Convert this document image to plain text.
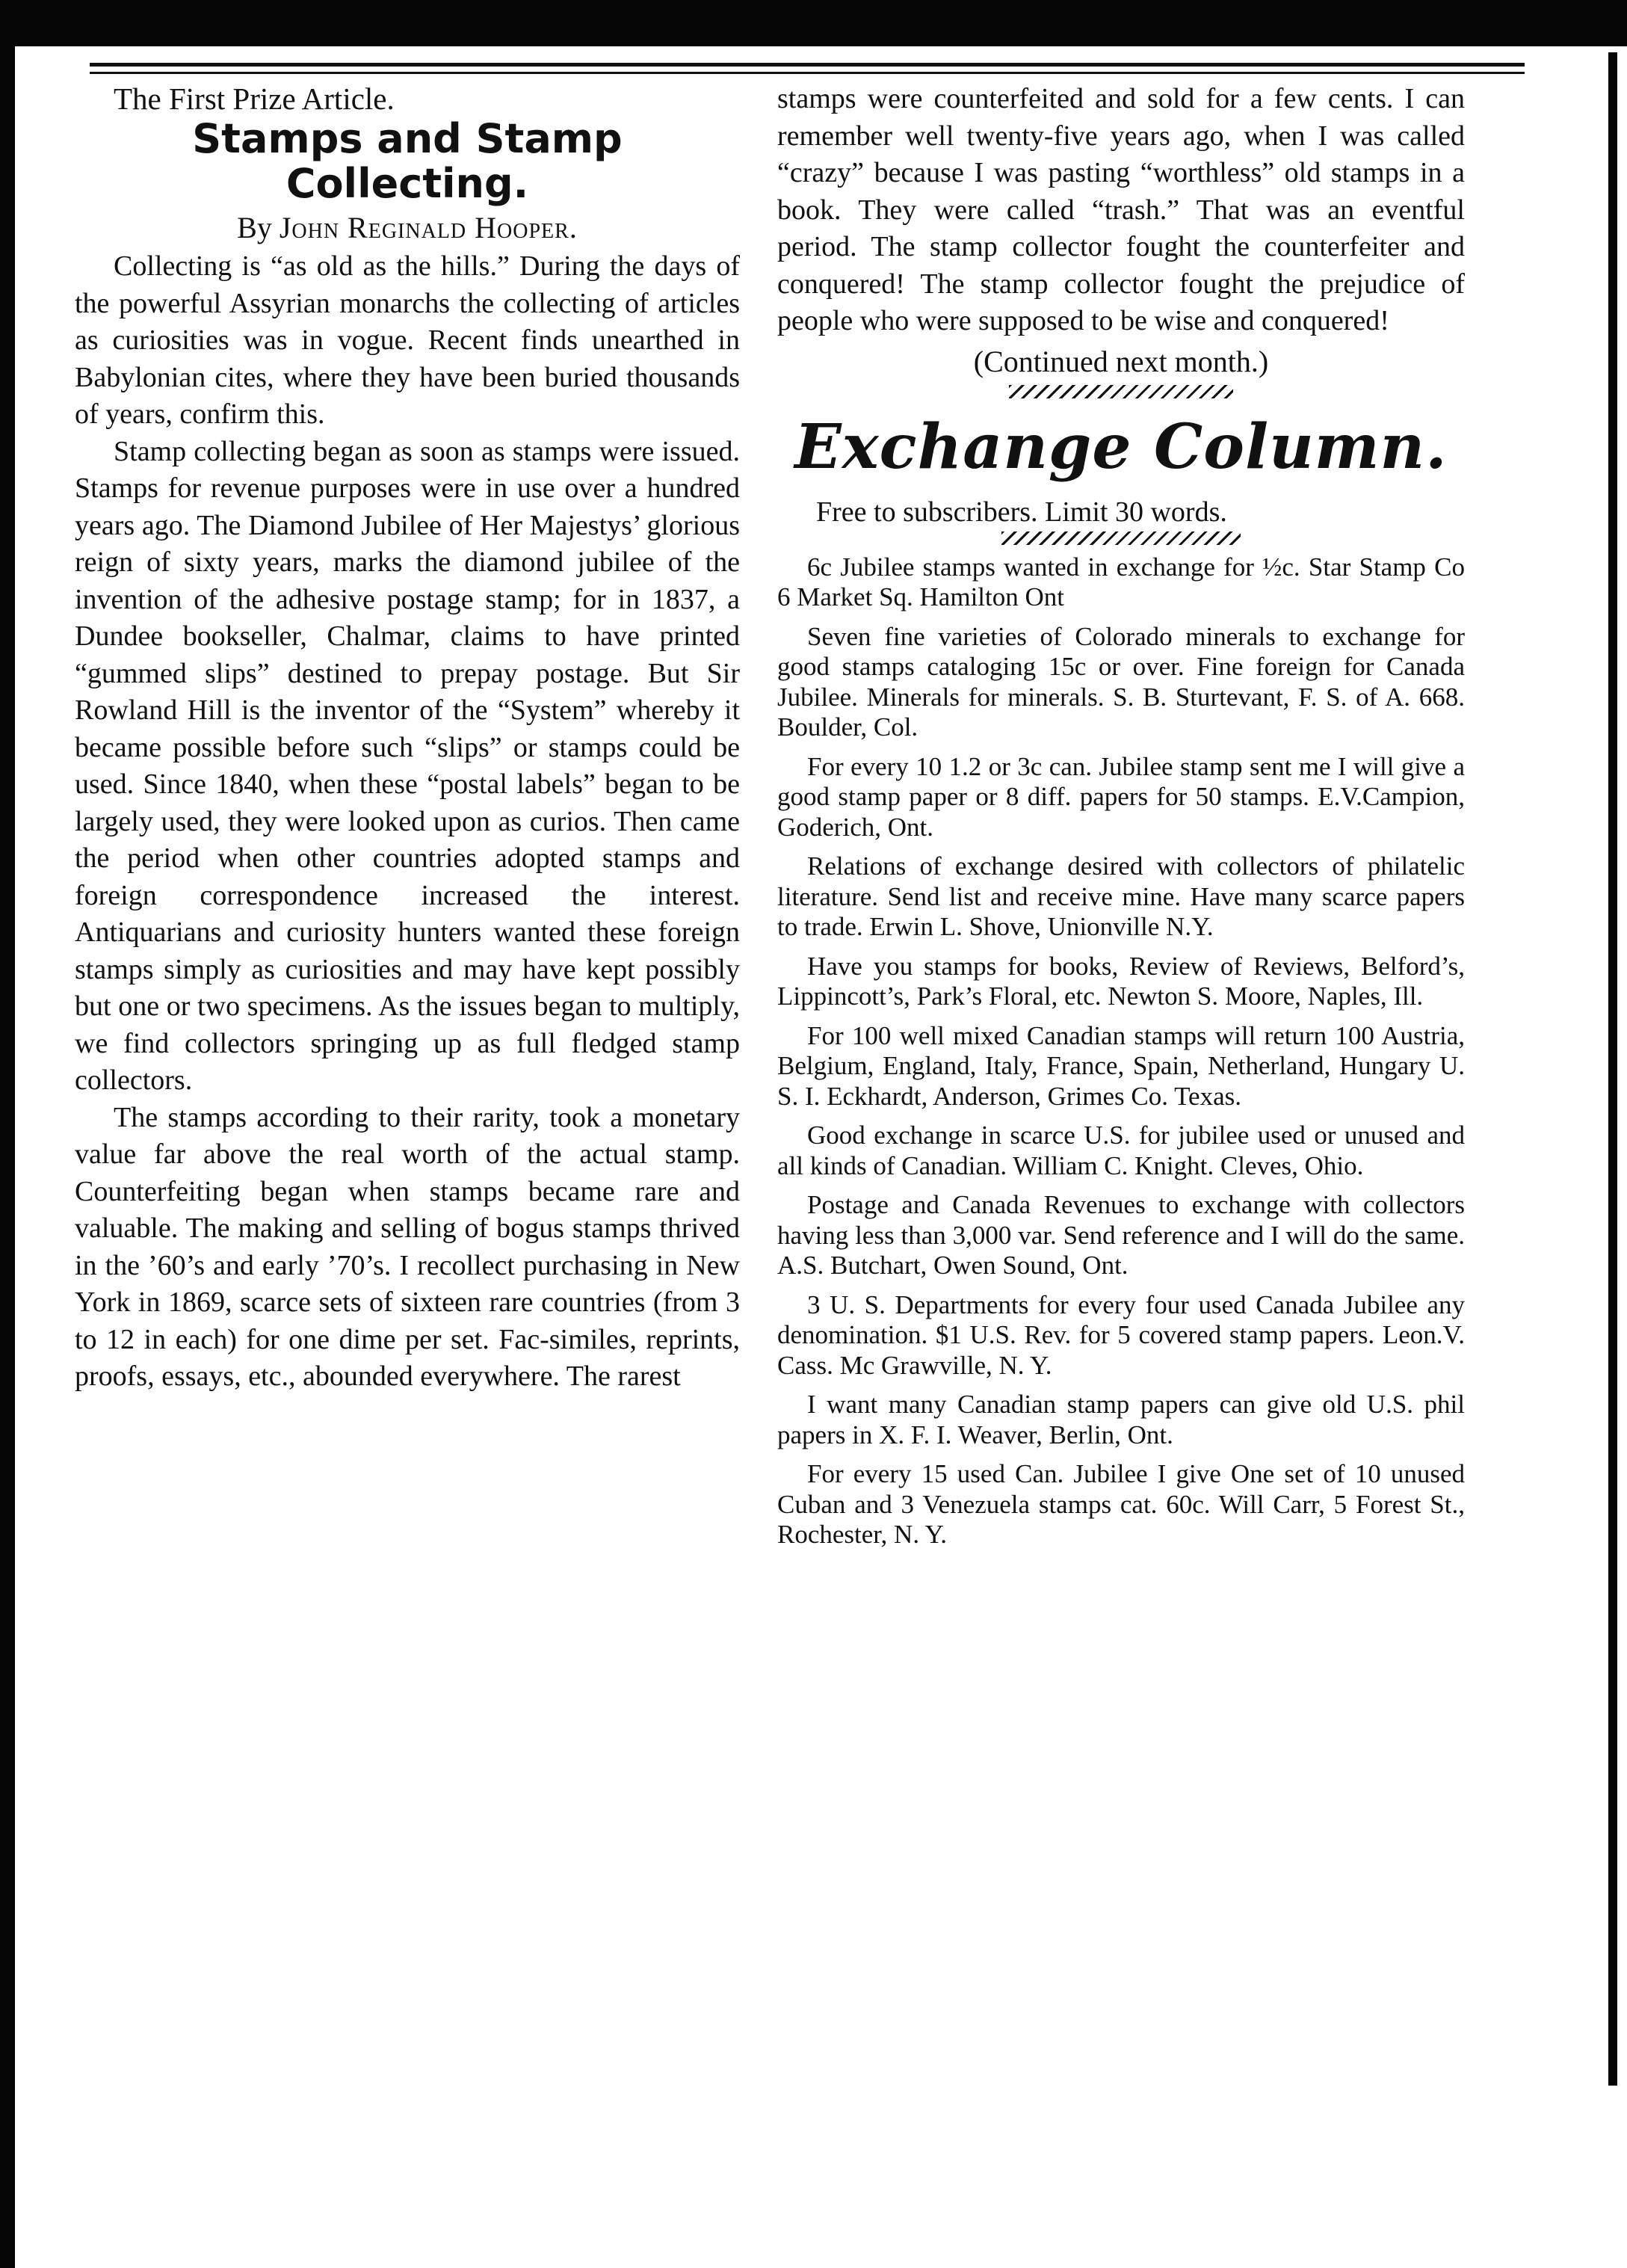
The First Prize Article.

Stamps and Stamp
Collecting.
By John Reginald Hooper.

Collecting is “as old as the hills.” During the days of the powerful Assyrian monarchs the collecting of articles as curiosities was in vogue. Recent finds unearthed in Babylonian cites, where they have been buried thousands of years, confirm this.

Stamp collecting began as soon as stamps were issued. Stamps for revenue purposes were in use over a hundred years ago. The Diamond Jubilee of Her Majestys’ glorious reign of sixty years, marks the diamond jubilee of the invention of the adhesive postage stamp; for in 1837, a Dundee bookseller, Chalmar, claims to have printed “gummed slips” destined to prepay postage. But Sir Rowland Hill is the inventor of the “System” whereby it became possible before such “slips” or stamps could be used. Since 1840, when these “postal labels” began to be largely used, they were looked upon as curios. Then came the period when other countries adopted stamps and foreign correspondence increased the interest. Antiquarians and curiosity hunters wanted these foreign stamps simply as curiosities and may have kept possibly but one or two specimens. As the issues began to multiply, we find collectors springing up as full fledged stamp collectors.

The stamps according to their rarity, took a monetary value far above the real worth of the actual stamp. Counterfeiting began when stamps became rare and valuable. The making and selling of bogus stamps thrived in the ’60’s and early ’70’s. I recollect purchasing in New York in 1869, scarce sets of sixteen rare countries (from 3 to 12 in each) for one dime per set. Fac-similes, reprints, proofs, essays, etc., abounded everywhere. The rarest

stamps were counterfeited and sold for a few cents. I can remember well twenty-five years ago, when I was called “crazy” because I was pasting “worthless” old stamps in a book. They were called “trash.” That was an eventful period. The stamp collector fought the counterfeiter and conquered! The stamp collector fought the prejudice of people who were supposed to be wise and conquered!

(Continued next month.)
Exchange Column.

Free to subscribers. Limit 30 words.

6c Jubilee stamps wanted in exchange for ½c. Star Stamp Co 6 Market Sq. Hamilton Ont

Seven fine varieties of Colorado minerals to exchange for good stamps cataloging 15c or over. Fine foreign for Canada Jubilee. Minerals for minerals. S. B. Sturtevant, F. S. of A. 668. Boulder, Col.

For every 10 1.2 or 3c can. Jubilee stamp sent me I will give a good stamp paper or 8 diff. papers for 50 stamps. E.V.Campion, Goderich, Ont.

Relations of exchange desired with collectors of philatelic literature. Send list and receive mine. Have many scarce papers to trade. Erwin L. Shove, Unionville N.Y.

Have you stamps for books, Review of Reviews, Belford’s, Lippincott’s, Park’s Floral, etc. Newton S. Moore, Naples, Ill.

For 100 well mixed Canadian stamps will return 100 Austria, Belgium, England, Italy, France, Spain, Netherland, Hungary U. S. I. Eckhardt, Anderson, Grimes Co. Texas.

Good exchange in scarce U.S. for jubilee used or unused and all kinds of Canadian. William C. Knight. Cleves, Ohio.

Postage and Canada Revenues to exchange with collectors having less than 3,000 var. Send reference and I will do the same. A.S. Butchart, Owen Sound, Ont.

3 U. S. Departments for every four used Canada Jubilee any denomination. $1 U.S. Rev. for 5 covered stamp papers. Leon.V. Cass. Mc Grawville, N. Y.

I want many Canadian stamp papers can give old U.S. phil papers in X. F. I. Weaver, Berlin, Ont.

For every 15 used Can. Jubilee I give One set of 10 unused Cuban and 3 Venezuela stamps cat. 60c. Will Carr, 5 Forest St., Rochester, N. Y.
